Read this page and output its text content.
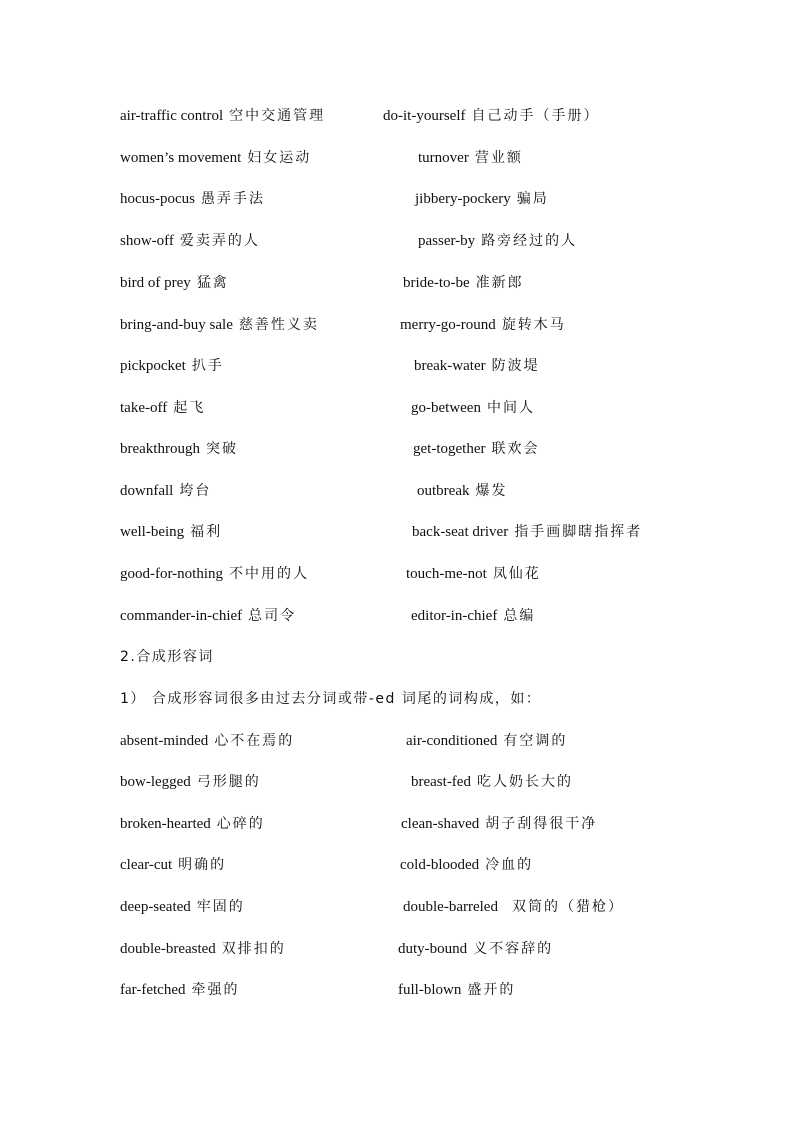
air-traffic control 空中交通管理	do-it-yourself 自己动手（手册）
women’s movement 妇女运动	turnover 营业额
hocus-pocus 愚弄手法	jibbery-pockery 骗局
show-off 爱卖弄的人	passer-by 路旁经过的人
bird of prey 猛禽	bride-to-be 准新郎
bring-and-buy sale 慈善性义卖	merry-go-round 旋转木马
pickpocket 扒手	break-water 防波堤
take-off 起飞	go-between 中间人
breakthrough 突破	get-together 联欢会
downfall 垮台	outbreak 爆发
well-being 福利	back-seat driver 指手画脚瞎指挥者
good-for-nothing 不中用的人	touch-me-not 凤仙花
commander-in-chief 总司令	editor-in-chief 总编
2.合成形容词
1） 合成形容词很多由过去分词或带-ed 词尾的词构成，如：
absent-minded 心不在焉的	air-conditioned 有空调的
bow-legged 弓形腿的	breast-fed 吃人奶长大的
broken-hearted 心碎的	clean-shaved 胡子刮得很干净
clear-cut 明确的	cold-blooded 冷血的
deep-seated 牢固的	double-barreled 双筒的（猎枪）
double-breasted 双排扣的	duty-bound 义不容辞的
far-fetched 牵强的	full-blown 盛开的
